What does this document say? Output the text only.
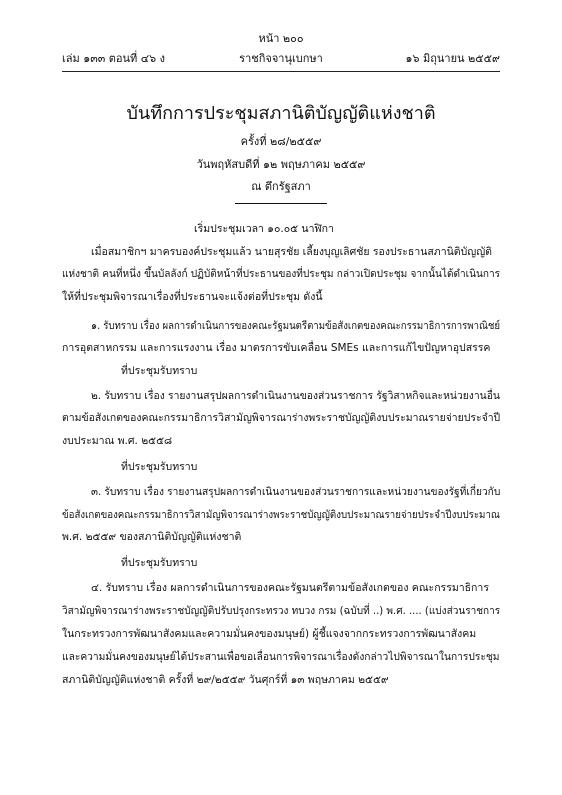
หน้า ๒๐๐
เล่ม ๑๓๓ ตอนที่ ๔๖ ง	ราชกิจจานุเบกษา	๑๖ มิถุนายน ๒๕๕๙
บันทึกการประชุมสภานิติบัญญัติแห่งชาติ
ครั้งที่ ๒๘/๒๕๕๙
วันพฤหัสบดีที่ ๑๒ พฤษภาคม ๒๕๕๙
ณ ตึกรัฐสภา
เริ่มประชุมเวลา ๑๐.๐๕ นาฬิกา
เมื่อสมาชิกฯ มาครบองค์ประชุมแล้ว นายสุรชัย เลี้ยงบุญเลิศชัย รองประธานสภานิติบัญญัติ
แห่งชาติ คนที่หนึ่ง ขึ้นบัลลังก์ ปฏิบัติหน้าที่ประธานของที่ประชุม กล่าวเปิดประชุม จากนั้นได้ดำเนินการ
ให้ที่ประชุมพิจารณาเรื่องที่ประธานจะแจ้งต่อที่ประชุม ดังนี้
๑. รับทราบ เรื่อง ผลการดำเนินการของคณะรัฐมนตรีตามข้อสังเกตของคณะกรรมาธิการการพาณิชย์
การอุตสาหกรรม และการแรงงาน เรื่อง มาตรการขับเคลื่อน SMEs และการแก้ไขปัญหาอุปสรรค
ที่ประชุมรับทราบ
๒. รับทราบ เรื่อง รายงานสรุปผลการดำเนินงานของส่วนราชการ รัฐวิสาหกิจและหน่วยงานอื่น
ตามข้อสังเกตของคณะกรรมาธิการวิสามัญพิจารณาร่างพระราชบัญญัติงบประมาณรายจ่ายประจำปี
งบประมาณ พ.ศ. ๒๕๕๘
ที่ประชุมรับทราบ
๓. รับทราบ เรื่อง รายงานสรุปผลการดำเนินงานของส่วนราชการและหน่วยงานของรัฐที่เกี่ยวกับ
ข้อสังเกตของคณะกรรมาธิการวิสามัญพิจารณาร่างพระราชบัญญัติงบประมาณรายจ่ายประจำปีงบประมาณ
พ.ศ. ๒๕๕๙ ของสภานิติบัญญัติแห่งชาติ
ที่ประชุมรับทราบ
๔. รับทราบ เรื่อง ผลการดำเนินการของคณะรัฐมนตรีตามข้อสังเกตของ คณะกรรมาธิการ
วิสามัญพิจารณาร่างพระราชบัญญัติปรับปรุงกระทรวง ทบวง กรม (ฉบับที่ ..) พ.ศ. .... (แบ่งส่วนราชการ
ในกระทรวงการพัฒนาสังคมและความมั่นคงของมนุษย์) ผู้ชี้แจงจากกระทรวงการพัฒนาสังคม
และความมั่นคงของมนุษย์ได้ประสานเพื่อขอเลื่อนการพิจารณาเรื่องดังกล่าวไปพิจารณาในการประชุม
สภานิติบัญญัติแห่งชาติ ครั้งที่ ๒๙/๒๕๕๙ วันศุกร์ที่ ๑๓ พฤษภาคม ๒๕๕๙
